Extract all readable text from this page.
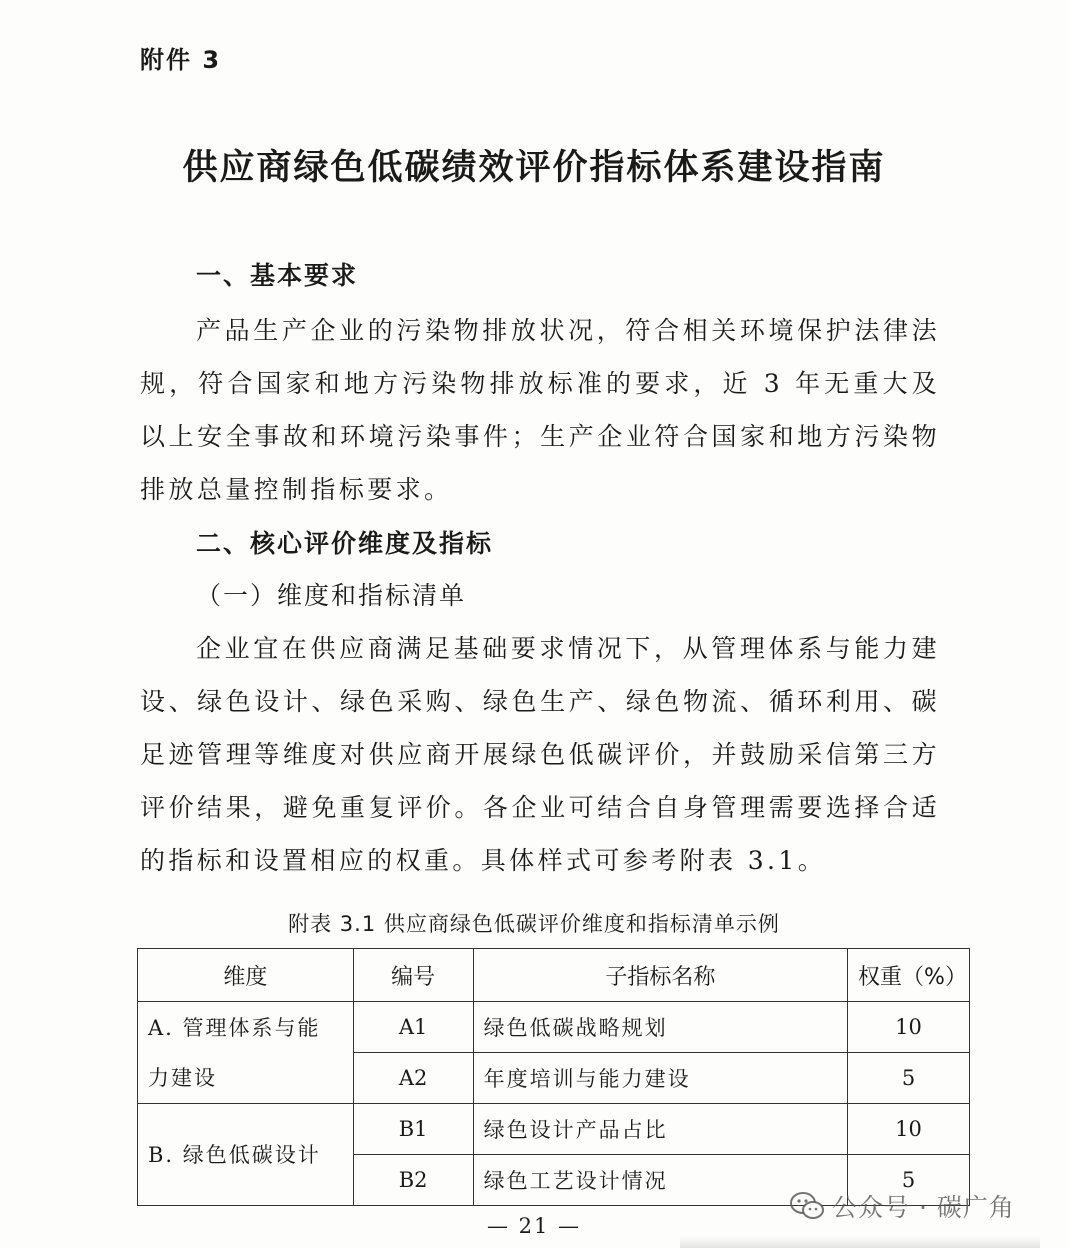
附件 3
供应商绿色低碳绩效评价指标体系建设指南
一、基本要求
产品生产企业的污染物排放状况，符合相关环境保护法律法规，符合国家和地方污染物排放标准的要求，近 3 年无重大及以上安全事故和环境污染事件；生产企业符合国家和地方污染物排放总量控制指标要求。
二、核心评价维度及指标
（一）维度和指标清单
企业宜在供应商满足基础要求情况下，从管理体系与能力建设、绿色设计、绿色采购、绿色生产、绿色物流、循环利用、碳足迹管理等维度对供应商开展绿色低碳评价，并鼓励采信第三方评价结果，避免重复评价。各企业可结合自身管理需要选择合适的指标和设置相应的权重。具体样式可参考附表 3.1。
附表 3.1 供应商绿色低碳评价维度和指标清单示例
维度	编号	子指标名称	权重（%）
A. 管理体系与能力建设	A1	绿色低碳战略规划	10
	A2	年度培训与能力建设	5
B. 绿色低碳设计	B1	绿色设计产品占比	10
	B2	绿色工艺设计情况	5
— 21 —
公众号 · 碳广角
